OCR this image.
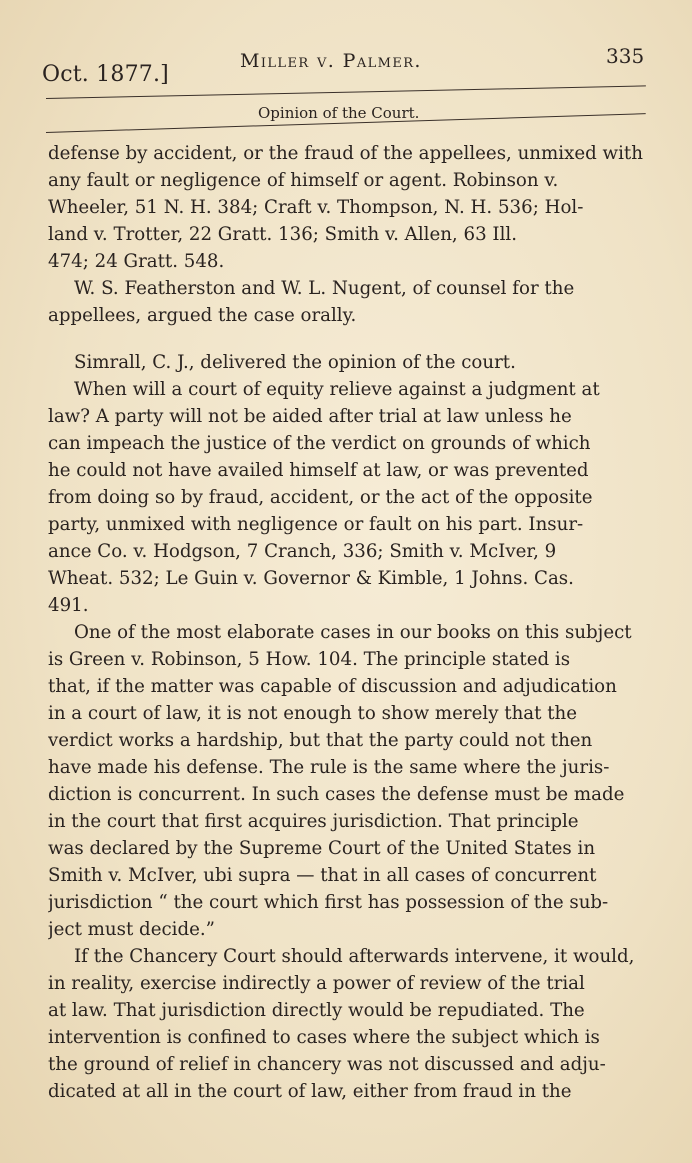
Oct. 1877.]
Miller v. Palmer.	335
Opinion of the Court.
defense by accident, or the fraud of the appellees, unmixed with
any fault or negligence of himself or agent. Robinson v.
Wheeler, 51 N. H. 384; Craft v. Thompson, N. H. 536; Hol-
land v. Trotter, 22 Gratt. 136; Smith v. Allen, 63 Ill.
474; 24 Gratt. 548.
W. S. Featherston and W. L. Nugent, of counsel for the
appellees, argued the case orally.
Simrall, C. J., delivered the opinion of the court.
When will a court of equity relieve against a judgment at
law? A party will not be aided after trial at law unless he
can impeach the justice of the verdict on grounds of which
he could not have availed himself at law, or was prevented
from doing so by fraud, accident, or the act of the opposite
party, unmixed with negligence or fault on his part. Insur-
ance Co. v. Hodgson, 7 Cranch, 336; Smith v. McIver, 9
Wheat. 532; Le Guin v. Governor & Kimble, 1 Johns. Cas.
491.
One of the most elaborate cases in our books on this subject
is Green v. Robinson, 5 How. 104. The principle stated is
that, if the matter was capable of discussion and adjudication
in a court of law, it is not enough to show merely that the
verdict works a hardship, but that the party could not then
have made his defense. The rule is the same where the juris-
diction is concurrent. In such cases the defense must be made
in the court that first acquires jurisdiction. That principle
was declared by the Supreme Court of the United States in
Smith v. McIver, ubi supra — that in all cases of concurrent
jurisdiction “ the court which first has possession of the sub-
ject must decide.”
If the Chancery Court should afterwards intervene, it would,
in reality, exercise indirectly a power of review of the trial
at law. That jurisdiction directly would be repudiated. The
intervention is confined to cases where the subject which is
the ground of relief in chancery was not discussed and adju-
dicated at all in the court of law, either from fraud in the
